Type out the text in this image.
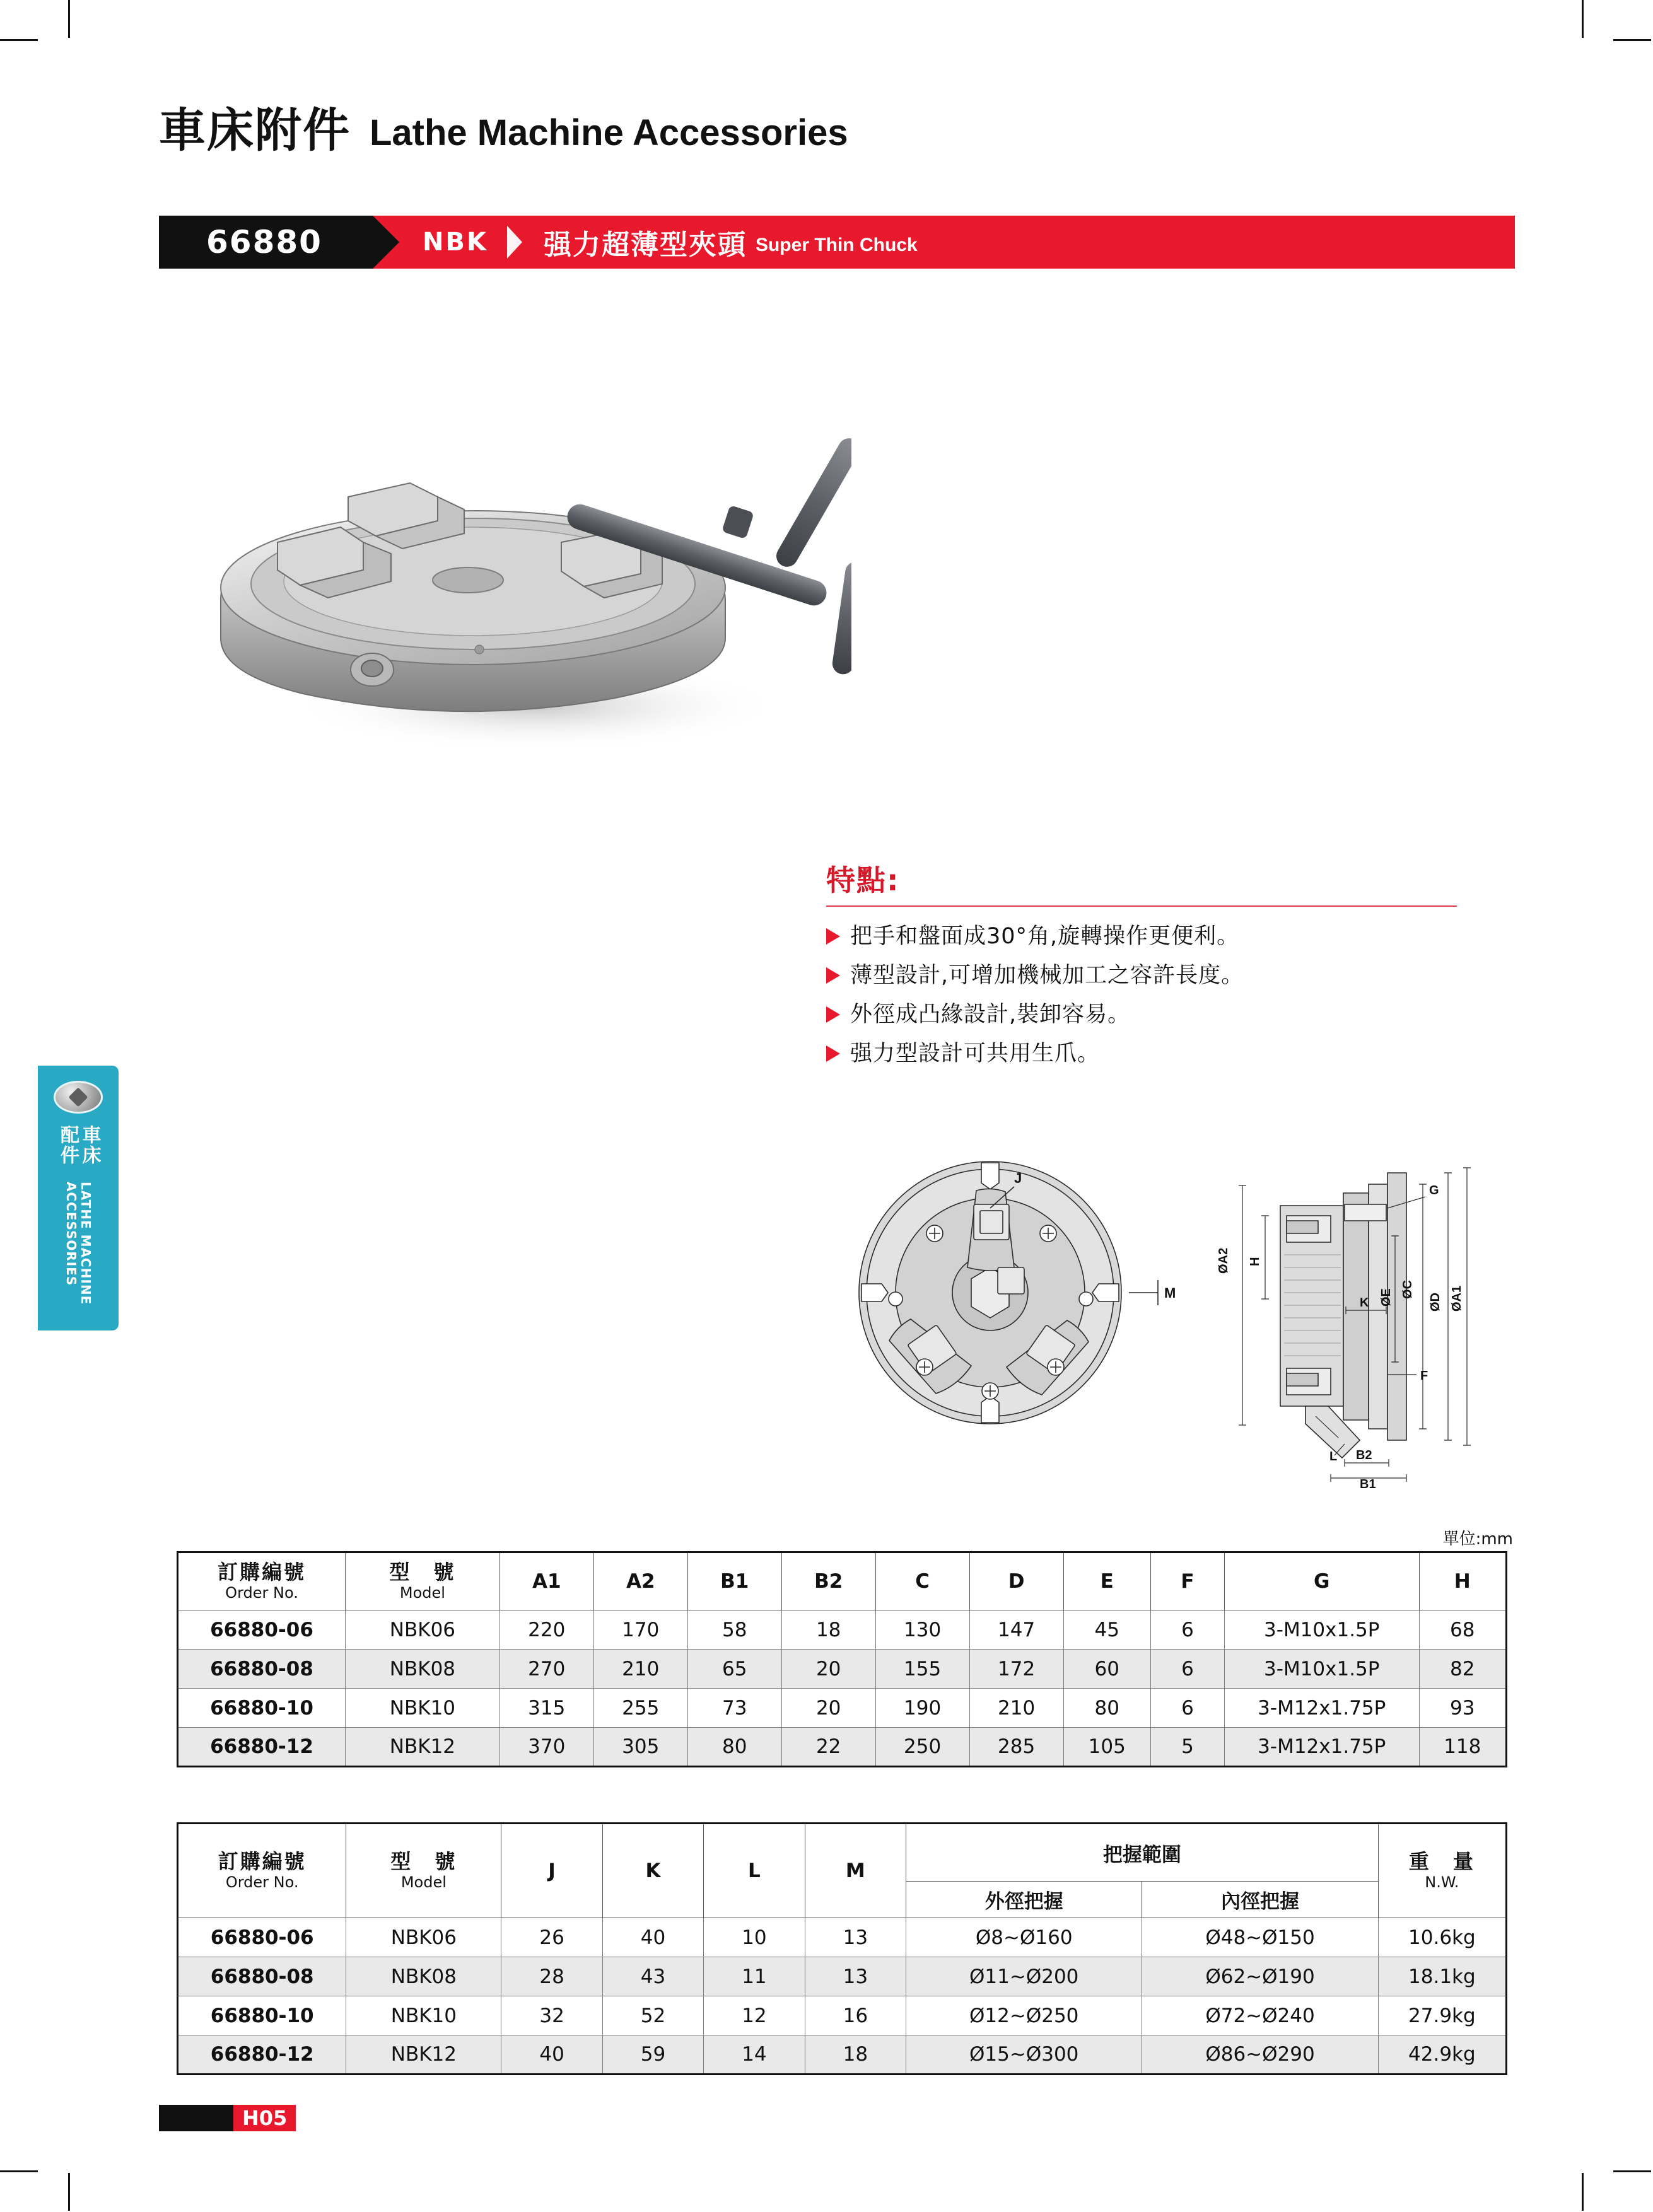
車床附件 Lathe Machine Accessories
66880	NBK 强力超薄型夾頭 Super Thin Chuck
車床配件
LATHE MACHINE ACCESSORIES
特點:
把手和盤面成30°角,旋轉操作更便利。
薄型設計,可增加機械加工之容許長度。
外徑成凸緣設計,裝卸容易。
强力型設計可共用生爪。
J
M
G
ØA2 H
K
ØC
ØD ØA1
ØE
F
L B2
B1
單位:mm
訂購編號
Order No.	型　號
Model	A1	A2	B1	B2	C	D	E	F	G	H
66880-06	NBK06	220	170	58	18	130	147	45	6	3-M10x1.5P	68
66880-08	NBK08	270	210	65	20	155	172	60	6	3-M10x1.5P	82
66880-10	NBK10	315	255	73	20	190	210	80	6	3-M12x1.75P	93
66880-12	NBK12	370	305	80	22	250	285	105	5	3-M12x1.75P	118
訂購編號
Order No.	型　號
Model	J	K	L	M	把握範圍		重　量
N.W.

						外徑把握	內徑把握	
66880-06	NBK06	26	40	10	13	Ø8~Ø160	Ø48~Ø150	10.6kg
66880-08	NBK08	28	43	11	13	Ø11~Ø200	Ø62~Ø190	18.1kg
66880-10	NBK10	32	52	12	16	Ø12~Ø250	Ø72~Ø240	27.9kg
66880-12	NBK12	40	59	14	18	Ø15~Ø300	Ø86~Ø290	42.9kg
H05
